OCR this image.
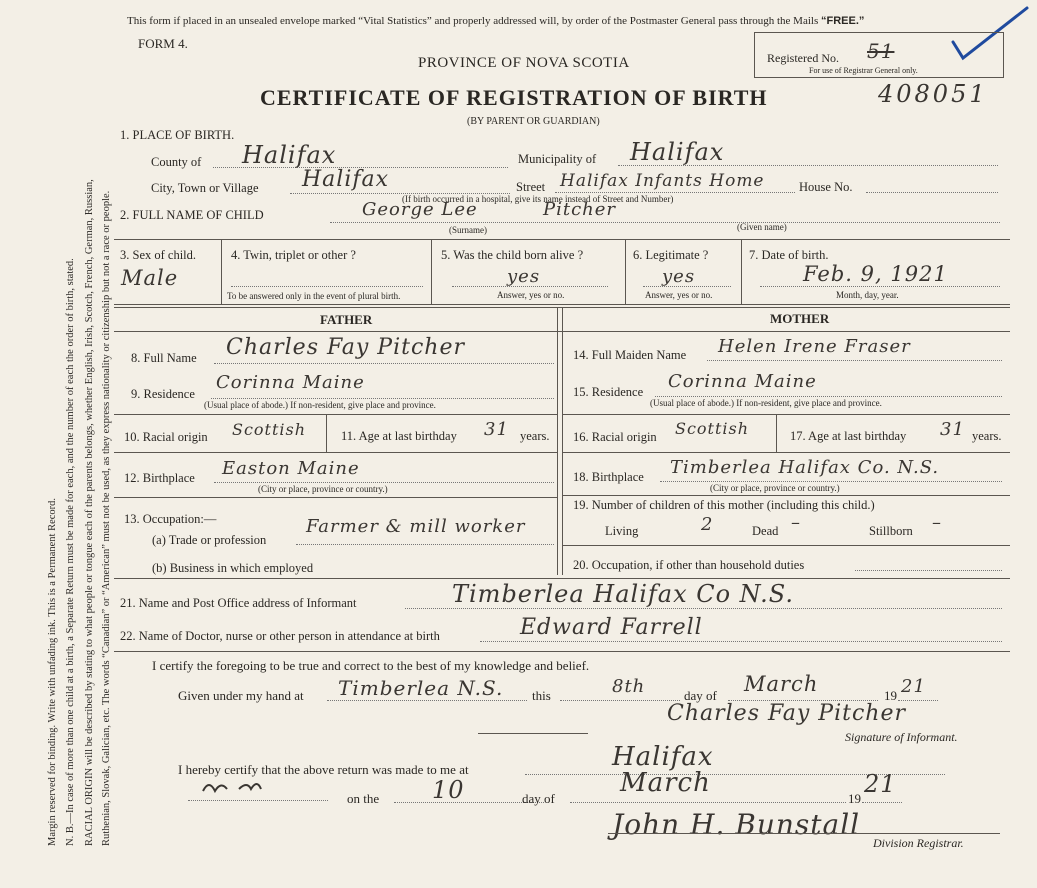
Margin reserved for binding. Write with unfading ink. This is a Permanent Record. N. B.—In case of more than one child at a birth, a Separate Return must be made for each, and the number of each the order of birth, stated. RACIAL ORIGIN will be described by stating to what people or tongue each of the parents belongs, whether English, Irish, Scotch, French, German, Russian, Ruthenian, Slovak, Galician, etc. The words “Canadian” or “American” must not be used, as they express nationality or citizenship but not a race or people.
This form if placed in an unsealed envelope marked “Vital Statistics” and properly addressed will, by order of the Postmaster General pass through the Mails “FREE.”
FORM 4.
PROVINCE OF NOVA SCOTIA
CERTIFICATE OF REGISTRATION OF BIRTH	408051
(BY PARENT OR GUARDIAN)
Registered No. 51
For use of Registrar General only.
1. PLACE OF BIRTH.
County of Halifax	Municipality of Halifax
City, Town or Village Halifax	Street Halifax Infants Home	House No.
(If birth occurred in a hospital, give its name instead of Street and Number)
2. FULL NAME OF CHILD	George Lee	Pitcher
(Surname)	(Given name)
3. Sex of child.
Male
4. Twin, triplet or other ?
To be answered only in the event of plural birth.
5. Was the child born alive ?
yes
Answer, yes or no.
6. Legitimate ?
yes
Answer, yes or no.
7. Date of birth.
Feb. 9, 1921
Month, day, year.
FATHER	MOTHER
8. Full Name Charles Fay Pitcher
9. Residence
Corinna Maine
(Usual place of abode.) If non-resident, give place and province.
10. Racial origin Scottish	11. Age at last birthday 31 years.
12. Birthplace Easton Maine
(City or place, province or country.)
13. Occupation:—
(a) Trade or profession
Farmer & mill worker
(b) Business in which employed
14. Full Maiden Name Helen Irene Fraser
15. Residence Corinna Maine
(Usual place of abode.) If non-resident, give place and province.
16. Racial origin Scottish	17. Age at last birthday 31 years.
18. Birthplace Timberlea Halifax Co. N.S.
(City or place, province or country.)
19. Number of children of this mother (including this child.)
Living	2	Dead –	Stillborn –
20. Occupation, if other than household duties
21. Name and Post Office address of Informant	Timberlea Halifax Co N.S.
22. Name of Doctor, nurse or other person in attendance at birth	Edward Farrell
I certify the foregoing to be true and correct to the best of my knowledge and belief.
Given under my hand at Timberlea N.S. this	8th	day of March	19 21
Charles Fay Pitcher
Signature of Informant.
I hereby certify that the above return was made to me at	Halifax
on the 10	day of
March
19
21
John H. Bunstall
Division Registrar.
